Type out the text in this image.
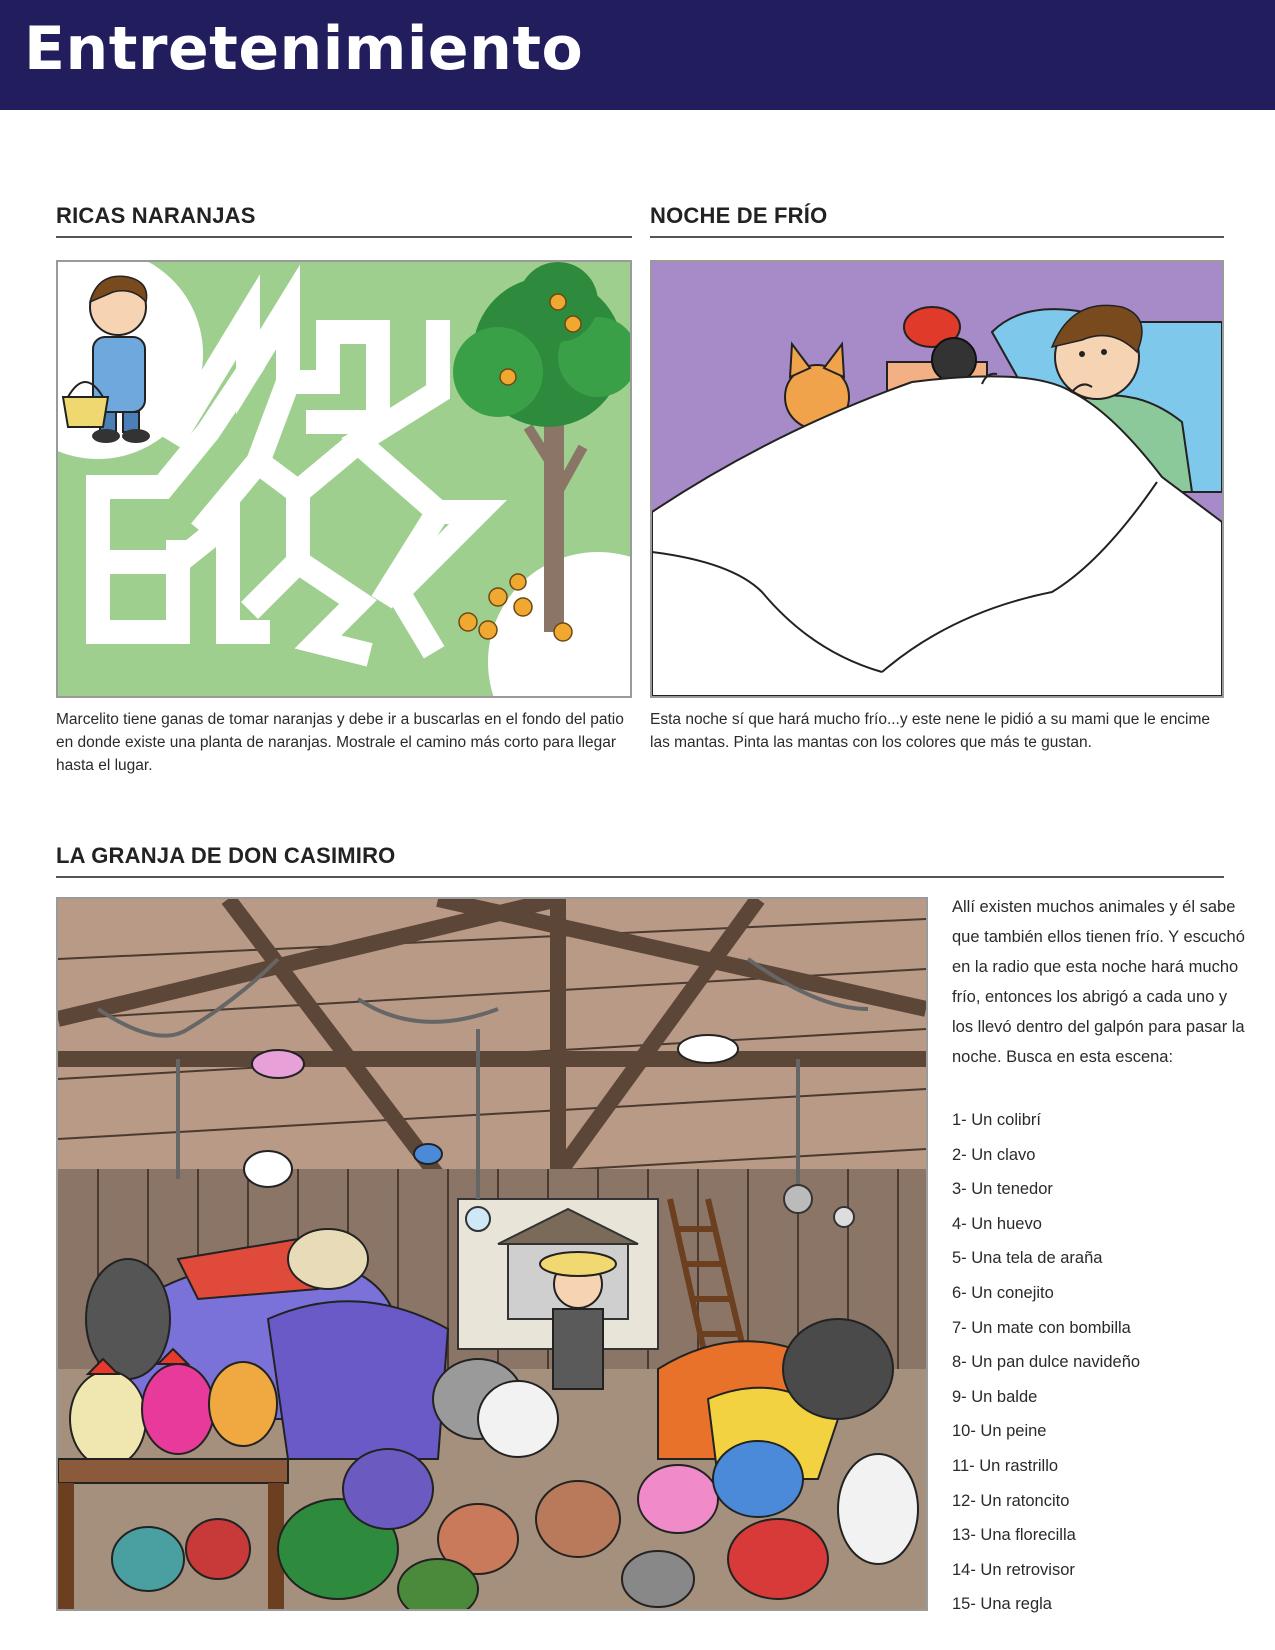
Entretenimiento
RICAS NARANJAS

Marcelito tiene ganas de tomar naranjas y debe ir a buscarlas en el fondo del patio en donde existe una planta de naranjas. Mostrale el camino más corto para llegar hasta el lugar.

NOCHE DE FRÍO

Esta noche sí que hará mucho frío...y este nene le pidió a su mami que le encime las mantas. Pinta las mantas con los colores que más te gustan.

LA GRANJA DE DON CASIMIRO

Allí existen muchos animales y él sabe que también ellos tienen frío. Y escuchó en la radio que esta noche hará mucho frío, entonces los abrigó a cada uno y los llevó dentro del galpón para pasar la noche. Busca en esta escena:

1- Un colibrí
2- Un clavo
3- Un tenedor
4- Un huevo
5- Una tela de araña
6- Un conejito
7- Un mate con bombilla
8- Un pan dulce navideño
9- Un balde
10- Un peine
11- Un rastrillo
12- Un ratoncito
13- Una florecilla
14- Un retrovisor
15- Una regla
